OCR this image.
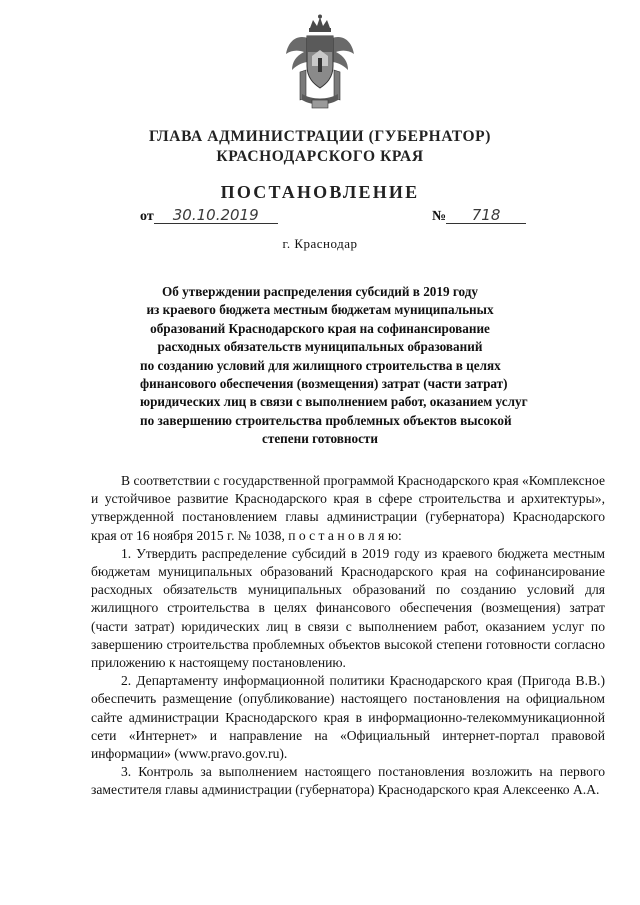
ГЛАВА АДМИНИСТРАЦИИ (ГУБЕРНАТОР)
КРАСНОДАРСКОГО КРАЯ
ПОСТАНОВЛЕНИЕ
от 30.10.2019	№ 718
г. Краснодар
Об утверждении распределения субсидий в 2019 году
из краевого бюджета местным бюджетам муниципальных
образований Краснодарского края на софинансирование
расходных обязательств муниципальных образований
по созданию условий для жилищного строительства в целях
финансового обеспечения (возмещения) затрат (части затрат)
юридических лиц в связи с выполнением работ, оказанием услуг
по завершению строительства проблемных объектов высокой
степени готовности

В соответствии с государственной программой Краснодарского края «Комплексное и устойчивое развитие Краснодарского края в сфере строительства и архитектуры», утвержденной постановлением главы администрации (губернатора) Краснодарского края от 16 ноября 2015 г. № 1038, п о с т а н о в л я ю:

1. Утвердить распределение субсидий в 2019 году из краевого бюджета местным бюджетам муниципальных образований Краснодарского края на софинансирование расходных обязательств муниципальных образований по созданию условий для жилищного строительства в целях финансового обеспечения (возмещения) затрат (части затрат) юридических лиц в связи с выполнением работ, оказанием услуг по завершению строительства проблемных объектов высокой степени готовности согласно приложению к настоящему постановлению.

2. Департаменту информационной политики Краснодарского края (Пригода В.В.) обеспечить размещение (опубликование) настоящего постановления на официальном сайте администрации Краснодарского края в информационно-телекоммуникационной сети «Интернет» и направление на «Официальный интернет-портал правовой информации» (www.pravo.gov.ru).

3. Контроль за выполнением настоящего постановления возложить на первого заместителя главы администрации (губернатора) Краснодарского края Алексеенко А.А.
